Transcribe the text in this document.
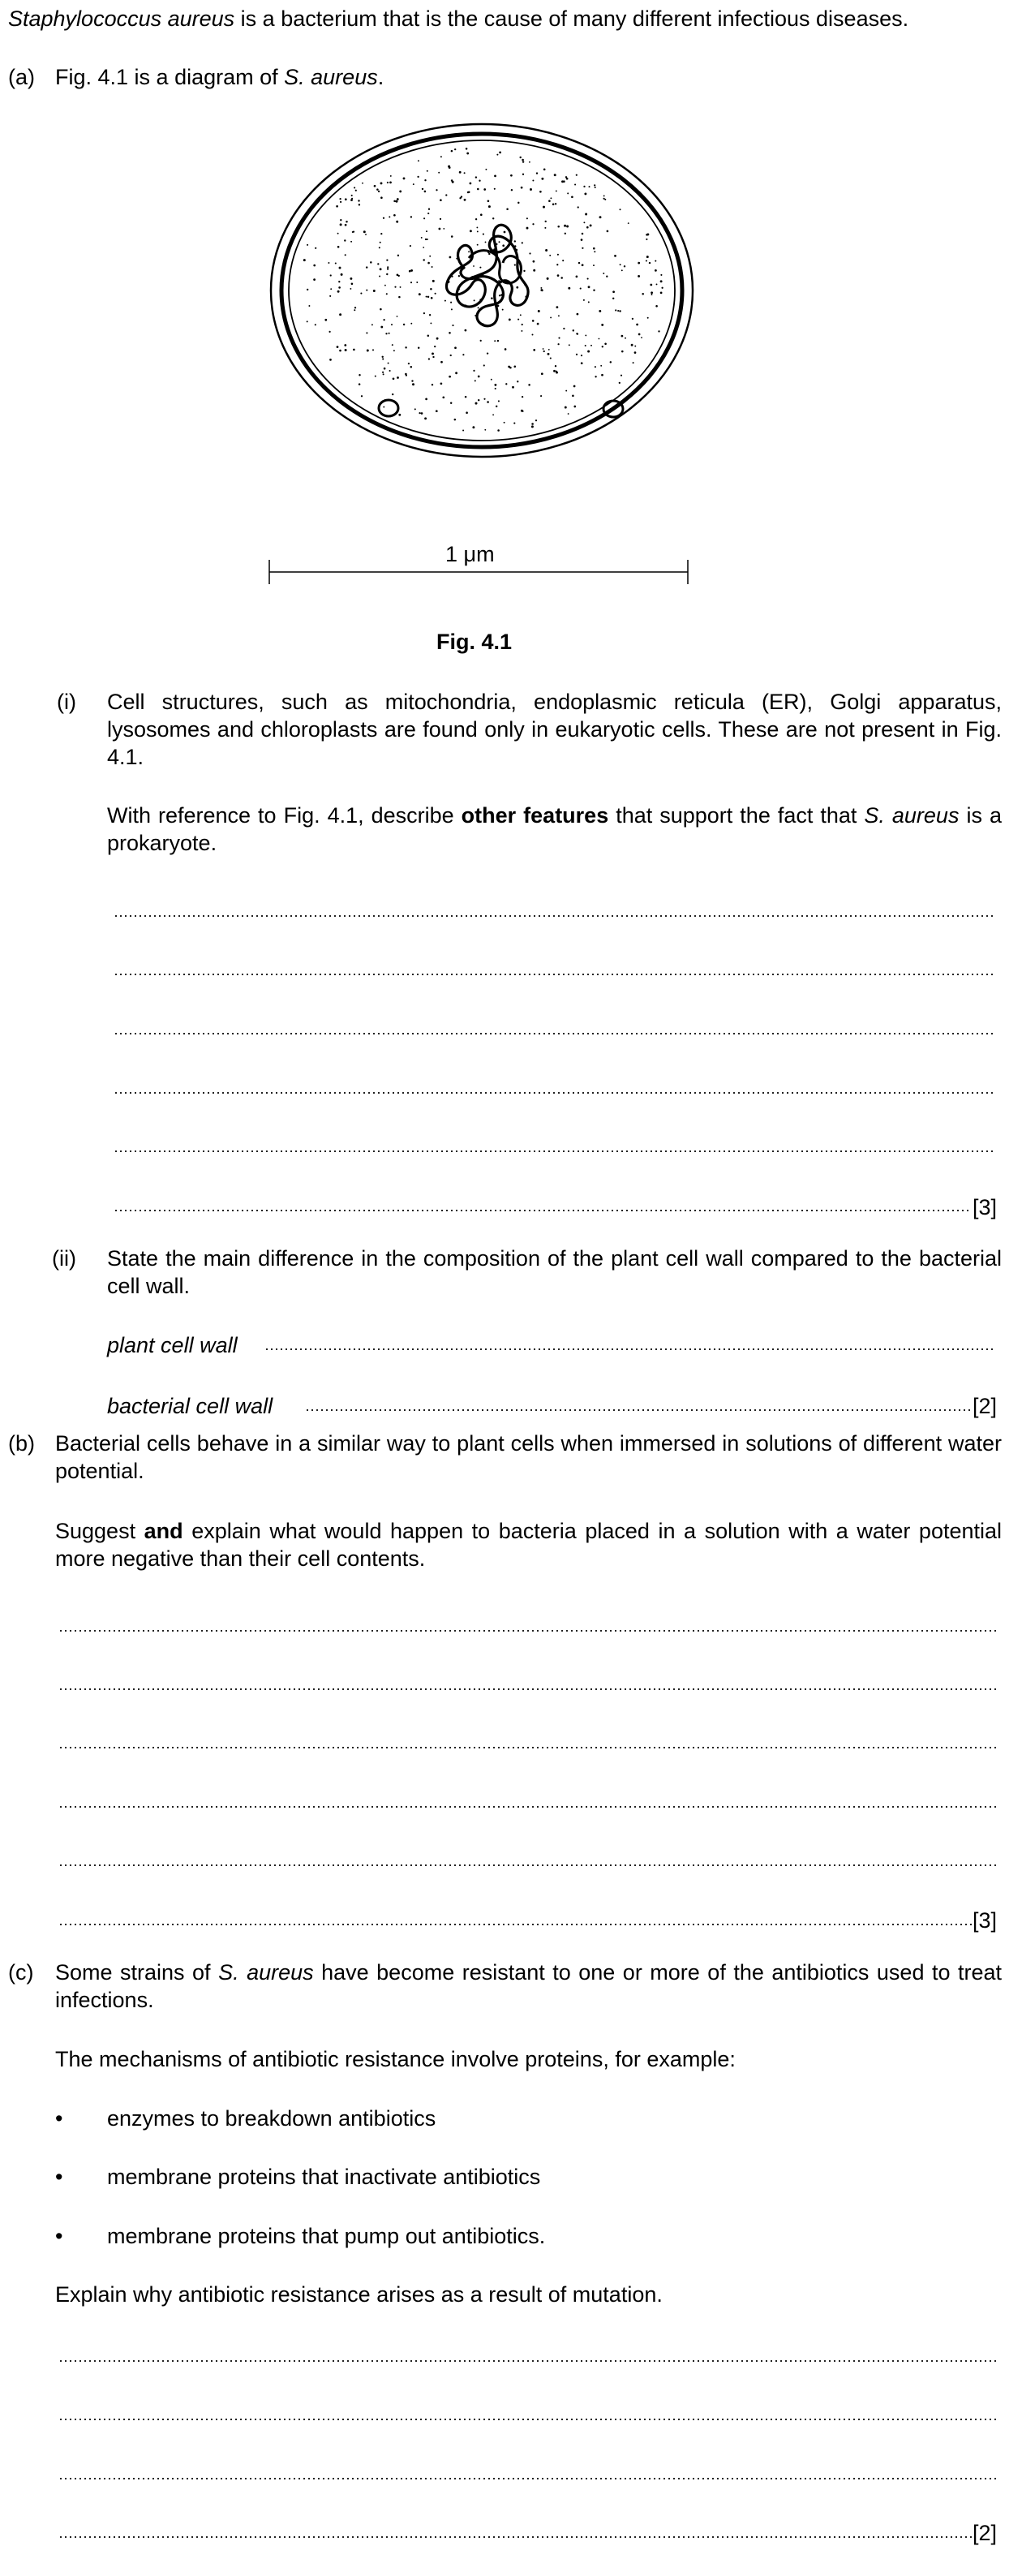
Staphylococcus aureus is a bacterium that is the cause of many different infectious diseases.
(a) Fig. 4.1 is a diagram of S. aureus.
1 μm
Fig. 4.1
(i) Cell structures, such as mitochondria, endoplasmic reticula (ER), Golgi apparatus, lysosomes and chloroplasts are found only in eukaryotic cells. These are not present in Fig. 4.1.
With reference to Fig. 4.1, describe other features that support the fact that S. aureus is a prokaryote.
[3]
(ii) State the main difference in the composition of the plant cell wall compared to the bacterial cell wall.
plant cell wall
bacterial cell wall	[2]
(b) Bacterial cells behave in a similar way to plant cells when immersed in solutions of different water potential.
Suggest and explain what would happen to bacteria placed in a solution with a water potential more negative than their cell contents.
[3]
(c) Some strains of S. aureus have become resistant to one or more of the antibiotics used to treat infections.
The mechanisms of antibiotic resistance involve proteins, for example:
• enzymes to breakdown antibiotics
• membrane proteins that inactivate antibiotics
• membrane proteins that pump out antibiotics.
Explain why antibiotic resistance arises as a result of mutation.
[2]
